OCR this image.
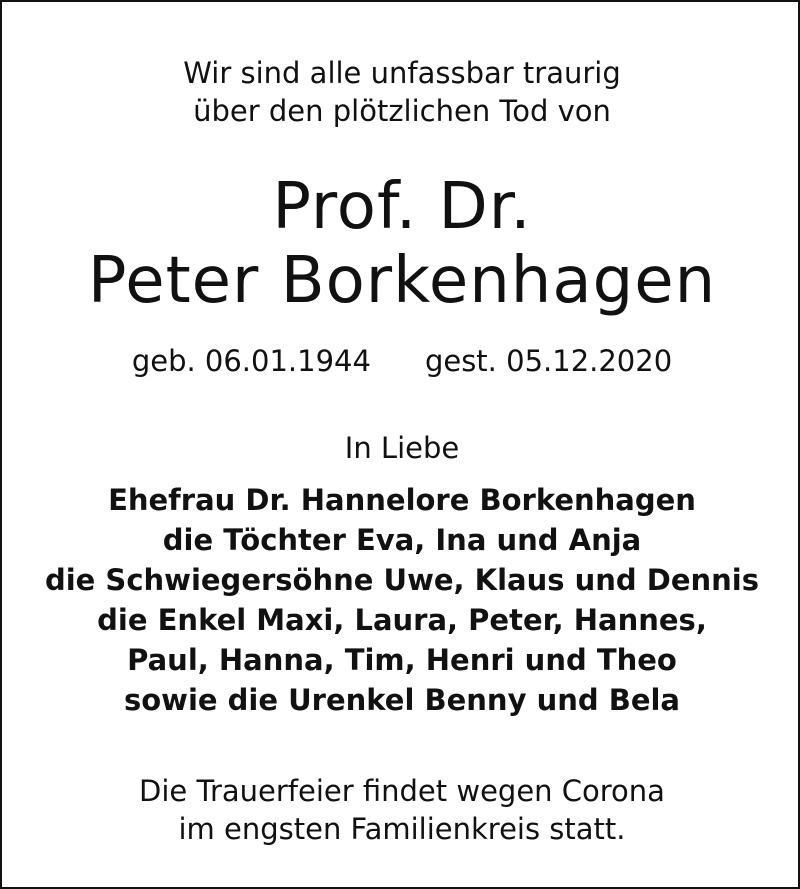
Wir sind alle unfassbar traurig
über den plötzlichen Tod von
Prof. Dr.
Peter Borkenhagen
geb. 06.01.1944 gest. 05.12.2020
In Liebe
Ehefrau Dr. Hannelore Borkenhagen
die Töchter Eva, Ina und Anja
die Schwiegersöhne Uwe, Klaus und Dennis
die Enkel Maxi, Laura, Peter, Hannes,
Paul, Hanna, Tim, Henri und Theo
sowie die Urenkel Benny und Bela
Die Trauerfeier findet wegen Corona
im engsten Familienkreis statt.
